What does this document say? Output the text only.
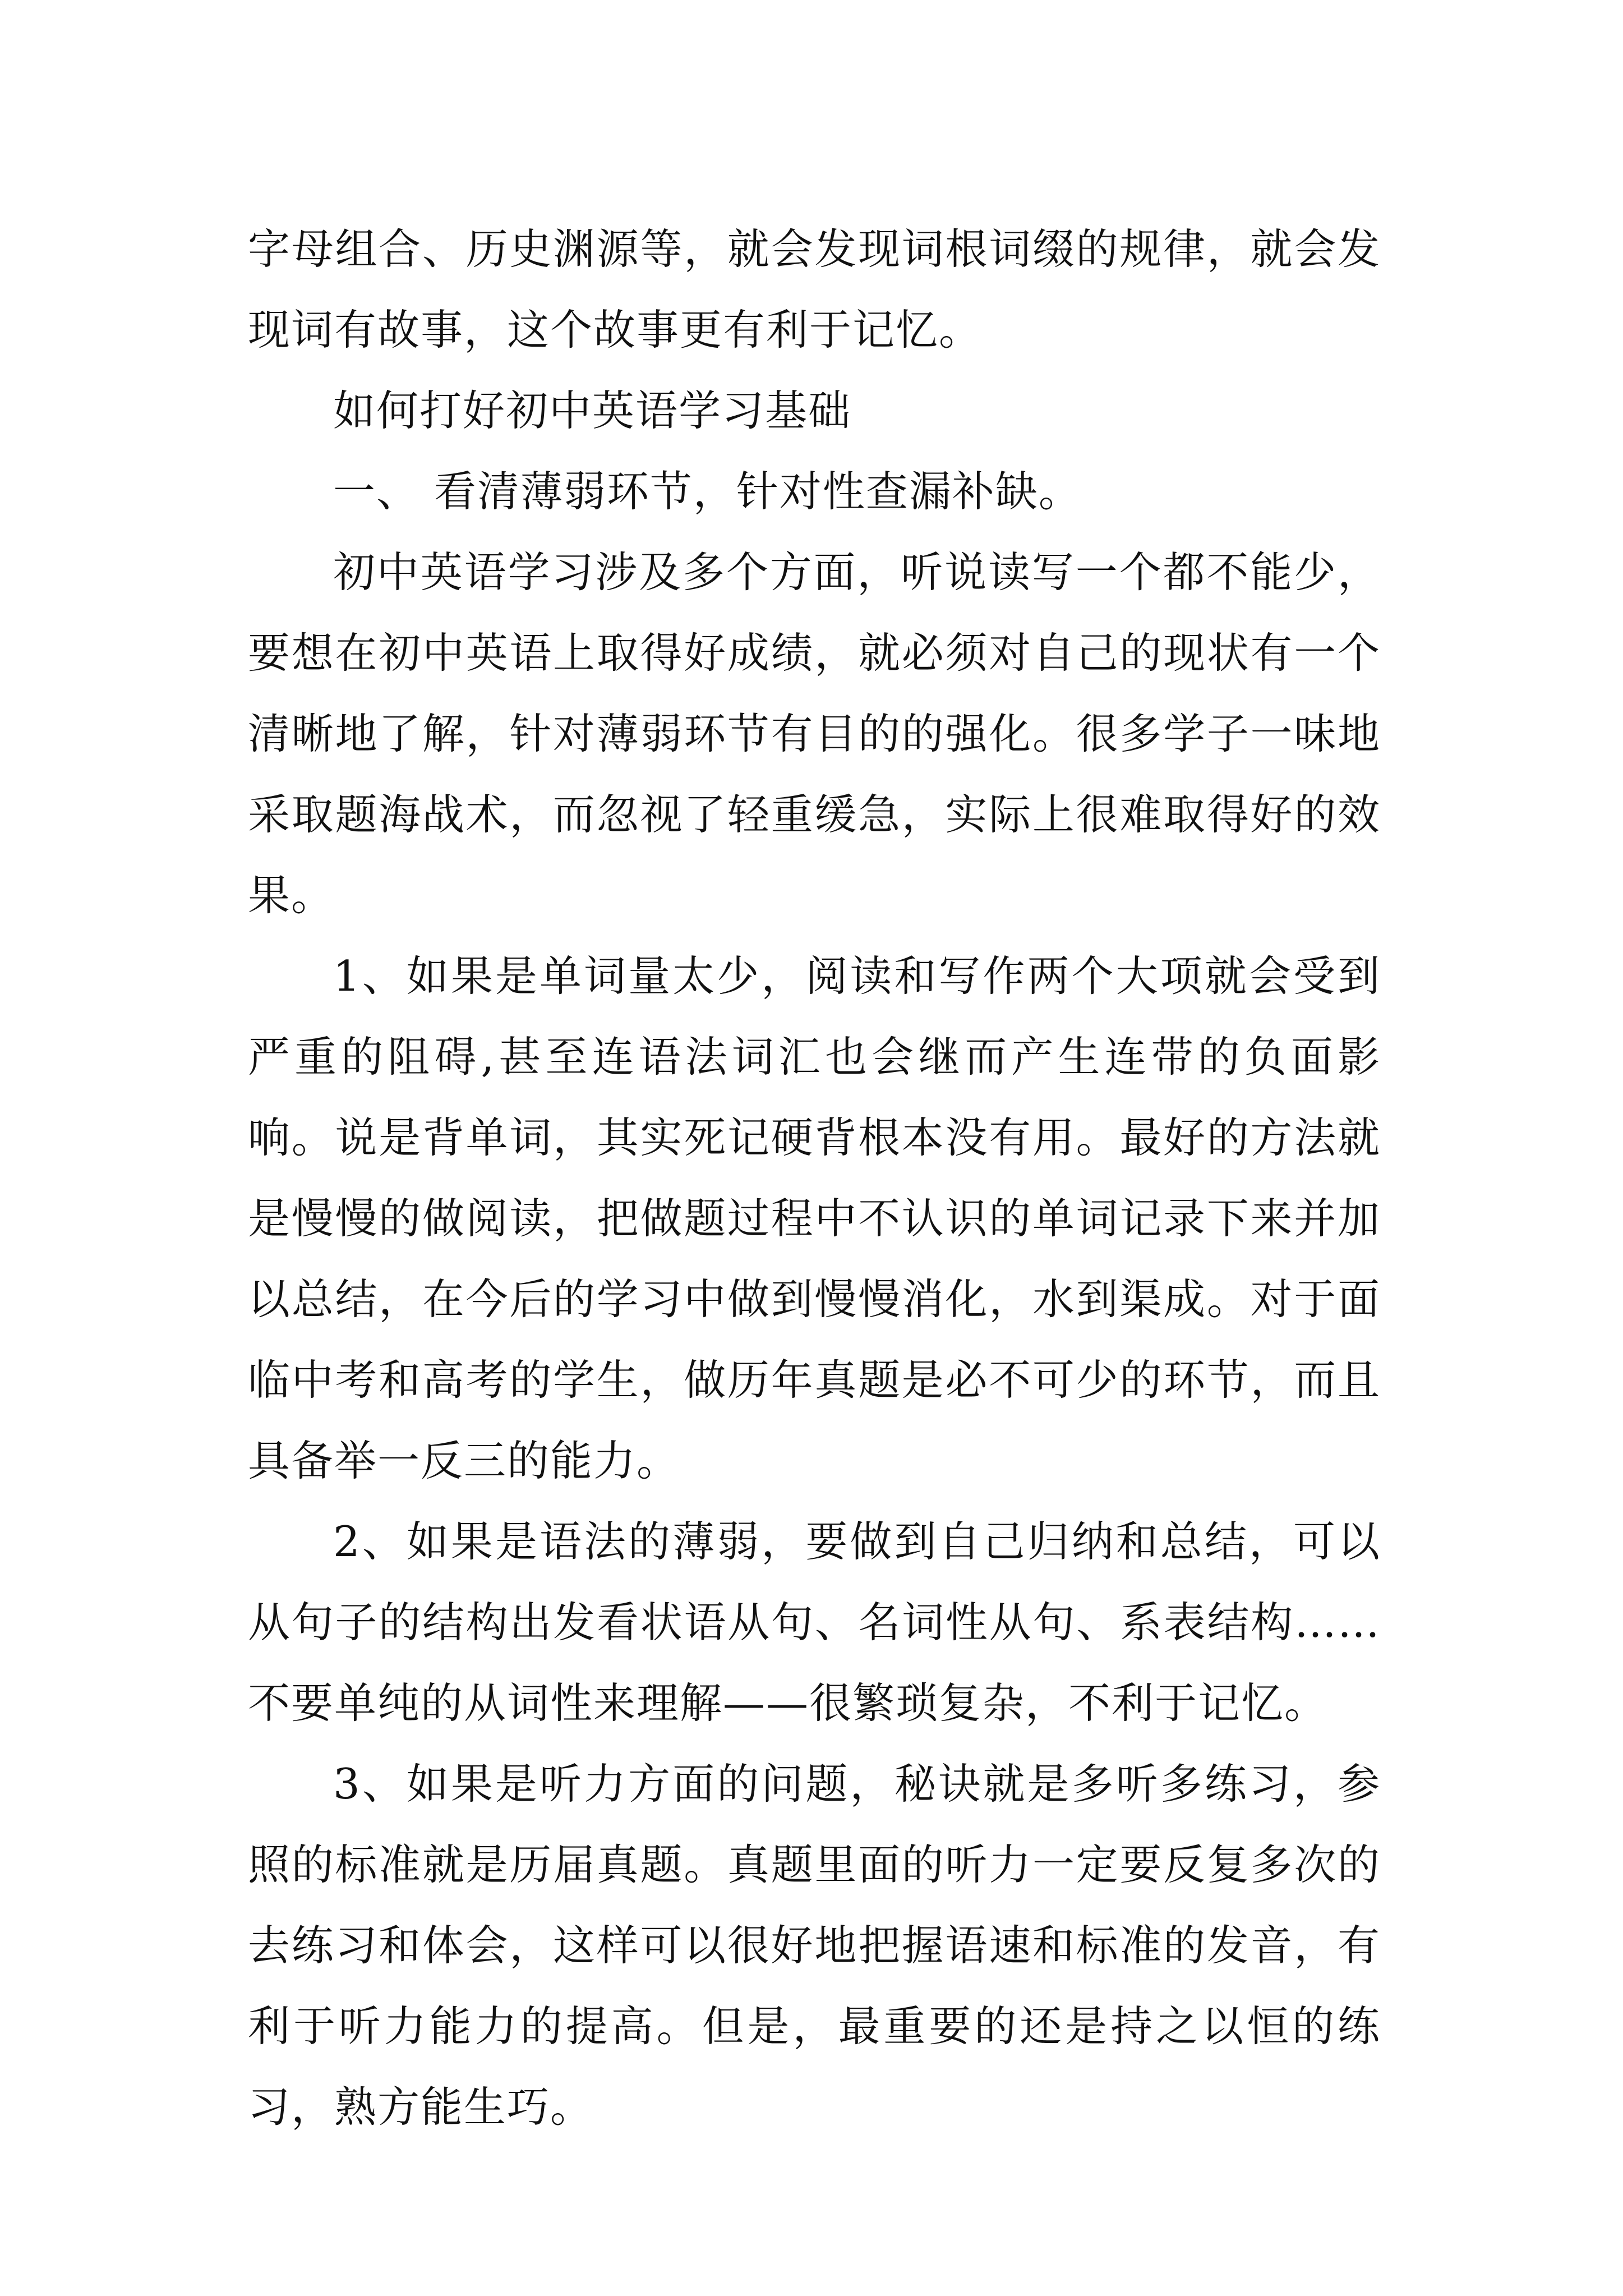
字母组合、历史渊源等，就会发现词根词缀的规律，就会发现词有故事，这个故事更有利于记忆。

如何打好初中英语学习基础

一、 看清薄弱环节，针对性查漏补缺。

初中英语学习涉及多个方面，听说读写一个都不能少，要想在初中英语上取得好成绩，就必须对自己的现状有一个清晰地了解，针对薄弱环节有目的的强化。很多学子一味地采取题海战术，而忽视了轻重缓急，实际上很难取得好的效果。

1、如果是单词量太少，阅读和写作两个大项就会受到严重的阻碍,甚至连语法词汇也会继而产生连带的负面影响。说是背单词，其实死记硬背根本没有用。最好的方法就是慢慢的做阅读，把做题过程中不认识的单词记录下来并加以总结，在今后的学习中做到慢慢消化，水到渠成。对于面临中考和高考的学生，做历年真题是必不可少的环节，而且具备举一反三的能力。

2、如果是语法的薄弱，要做到自己归纳和总结，可以从句子的结构出发看状语从句、名词性从句、系表结构……不要单纯的从词性来理解——很繁琐复杂，不利于记忆。

3、如果是听力方面的问题，秘诀就是多听多练习，参照的标准就是历届真题。真题里面的听力一定要反复多次的去练习和体会，这样可以很好地把握语速和标准的发音，有利于听力能力的提高。但是，最重要的还是持之以恒的练习，熟方能生巧。
